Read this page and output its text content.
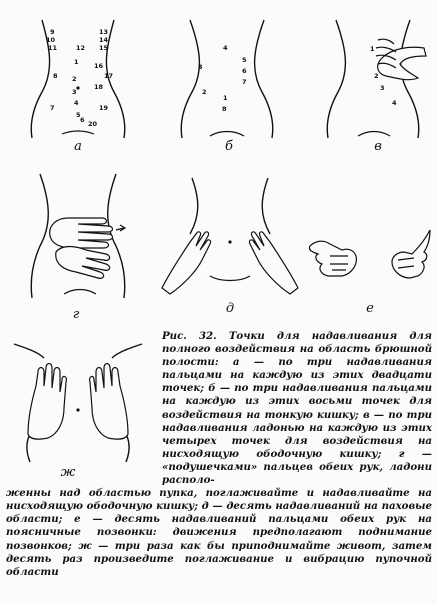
9	13
10	14
11	12 15
1 16
8	17
2
18
3
4
7	19
5
6 20
а
4
3
5
6
7
2
1
8
б
1
2
3
4
в
г	д	е
ж
Рис. 32. Точки для надавливания для полного воздействия на область брюшной полости: а — по три надавливания пальцами на каждую из этих двадцати точек; б — по три надавливания пальцами на каждую из этих восьми точек для воздействия на тонкую кишку; в — по три надавливания ладонью на каждую из этих четырех точек для воздействия на нисходящую ободочную кишку; г — «подушечками» пальцев обеих рук, ладони располо-
женны над областью пупка, поглаживайте и надавливайте на нисходящую ободочную кишку; д — десять надавливаний на паховые области; е — десять надавливаний пальцами обеих рук на поясничные позвонки: движения предполагают поднимание позвонков; ж — три раза как бы приподнимайте живот, затем десять раз произведите поглаживание и вибрацию пупочной области
